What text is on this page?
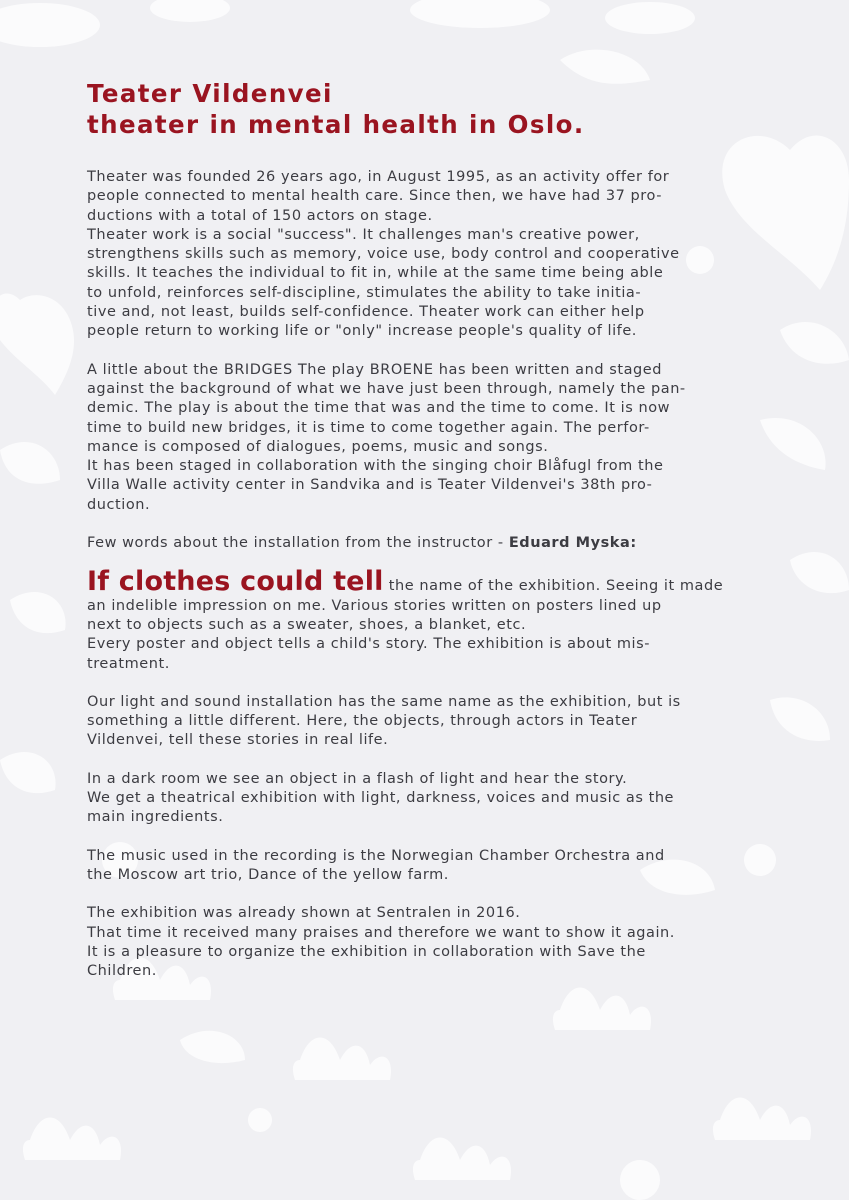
Teater Vildenvei
theater in mental health in Oslo.

Theater was founded 26 years ago, in August 1995, as an activity offer for
people connected to mental health care. Since then, we have had 37 pro-
ductions with a total of 150 actors on stage.
Theater work is a social "success". It challenges man's creative power,
strengthens skills such as memory, voice use, body control and cooperative
skills. It teaches the individual to fit in, while at the same time being able
to unfold, reinforces self-discipline, stimulates the ability to take initia-
tive and, not least, builds self-confidence. Theater work can either help
people return to working life or "only" increase people's quality of life.

A little about the BRIDGES The play BROENE has been written and staged
against the background of what we have just been through, namely the pan-
demic. The play is about the time that was and the time to come. It is now
time to build new bridges, it is time to come together again. The perfor-
mance is composed of dialogues, poems, music and songs.
It has been staged in collaboration with the singing choir Blåfugl from the
Villa Walle activity center in Sandvika and is Teater Vildenvei's 38th pro-
duction.

Few words about the installation from the instructor - Eduard Myska:

If clothes could tell the name of the exhibition. Seeing it made
an indelible impression on me. Various stories written on posters lined up
next to objects such as a sweater, shoes, a blanket, etc.
Every poster and object tells a child's story. The exhibition is about mis-
treatment.

Our light and sound installation has the same name as the exhibition, but is
something a little different. Here, the objects, through actors in Teater
Vildenvei, tell these stories in real life.

In a dark room we see an object in a flash of light and hear the story.
We get a theatrical exhibition with light, darkness, voices and music as the
main ingredients.

The music used in the recording is the Norwegian Chamber Orchestra and
the Moscow art trio, Dance of the yellow farm.

The exhibition was already shown at Sentralen in 2016.
That time it received many praises and therefore we want to show it again.
It is a pleasure to organize the exhibition in collaboration with Save the
Children.
